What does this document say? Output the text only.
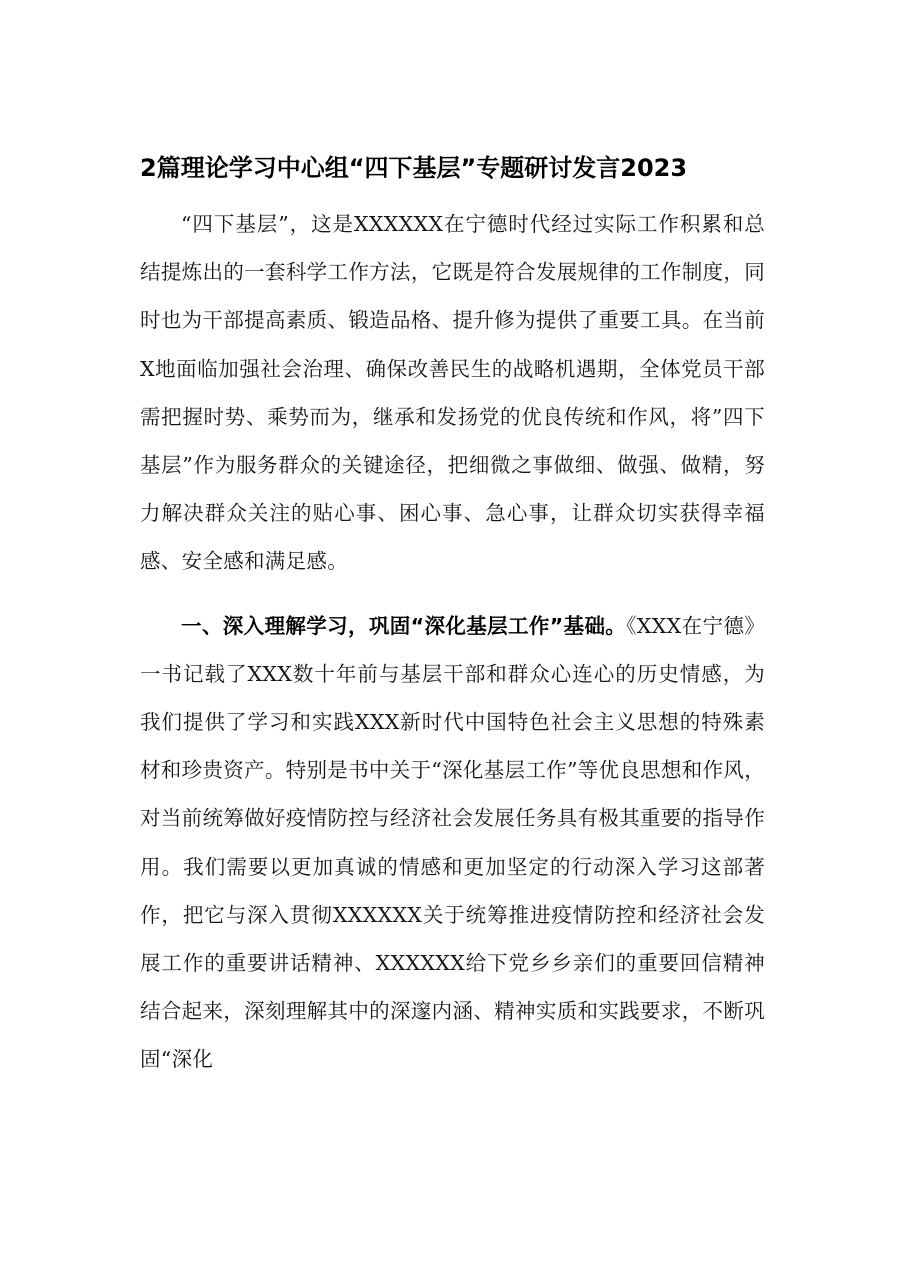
2篇理论学习中心组“四下基层”专题研讨发言2023

“四下基层”，这是XXXXXX在宁德时代经过实际工作积累和总结提炼出的一套科学工作方法，它既是符合发展规律的工作制度，同时也为干部提高素质、锻造品格、提升修为提供了重要工具。在当前X地面临加强社会治理、确保改善民生的战略机遇期，全体党员干部需把握时势、乘势而为，继承和发扬党的优良传统和作风，将”四下基层”作为服务群众的关键途径，把细微之事做细、做强、做精，努力解决群众关注的贴心事、困心事、急心事，让群众切实获得幸福感、安全感和满足感。

一、深入理解学习，巩固“深化基层工作”基础。《XXX在宁德》一书记载了XXX数十年前与基层干部和群众心连心的历史情感，为我们提供了学习和实践XXX新时代中国特色社会主义思想的特殊素材和珍贵资产。特别是书中关于“深化基层工作”等优良思想和作风，对当前统筹做好疫情防控与经济社会发展任务具有极其重要的指导作用。我们需要以更加真诚的情感和更加坚定的行动深入学习这部著作，把它与深入贯彻XXXXXX关于统筹推进疫情防控和经济社会发展工作的重要讲话精神、XXXXXX给下党乡乡亲们的重要回信精神结合起来，深刻理解其中的深邃内涵、精神实质和实践要求，不断巩固“深化
